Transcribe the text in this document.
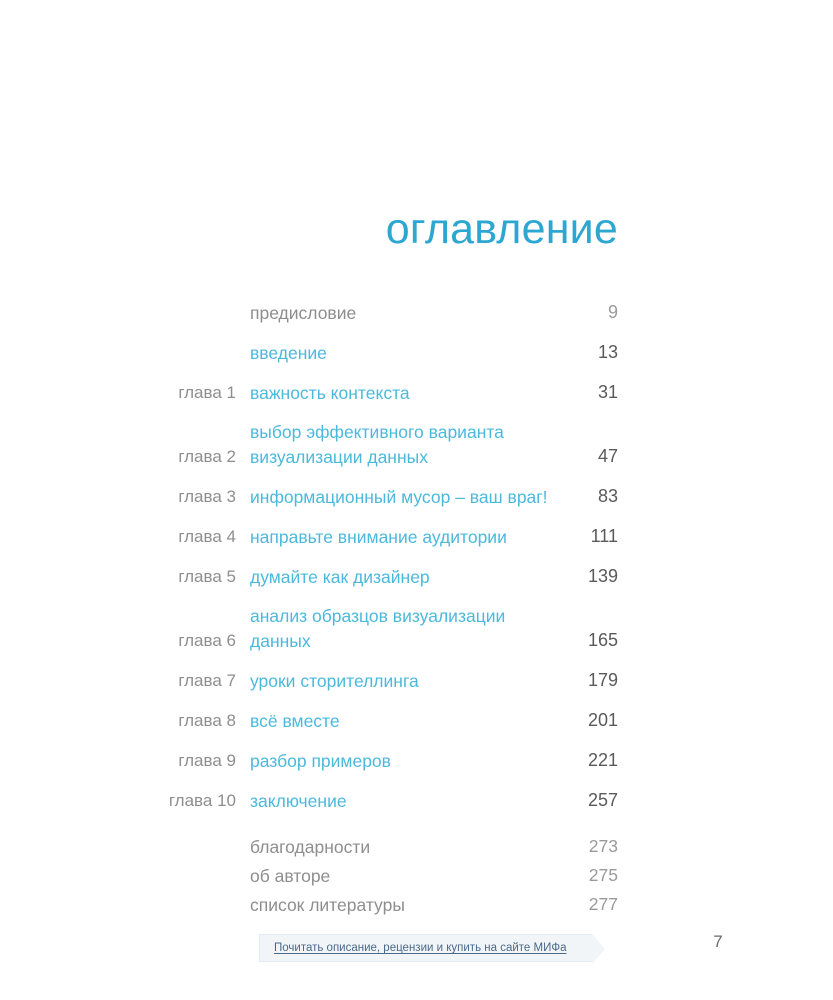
оглавление
предисловие	9
введение	13
глава 1 важность контекста	31
глава 2
выбор эффективного варианта
визуализации данных	47
глава 3 информационный мусор – ваш враг!	83
глава 4 направьте внимание аудитории	111
глава 5 думайте как дизайнер	139
глава 6
анализ образцов визуализации данных	165
глава 7 уроки сторителлинга	179
глава 8 всё вместе	201
глава 9 разбор примеров	221
глава 10 заключение	257
благодарности	273
об авторе	275
список литературы	277
Почитать описание, рецензии и купить на сайте МИФа	7
